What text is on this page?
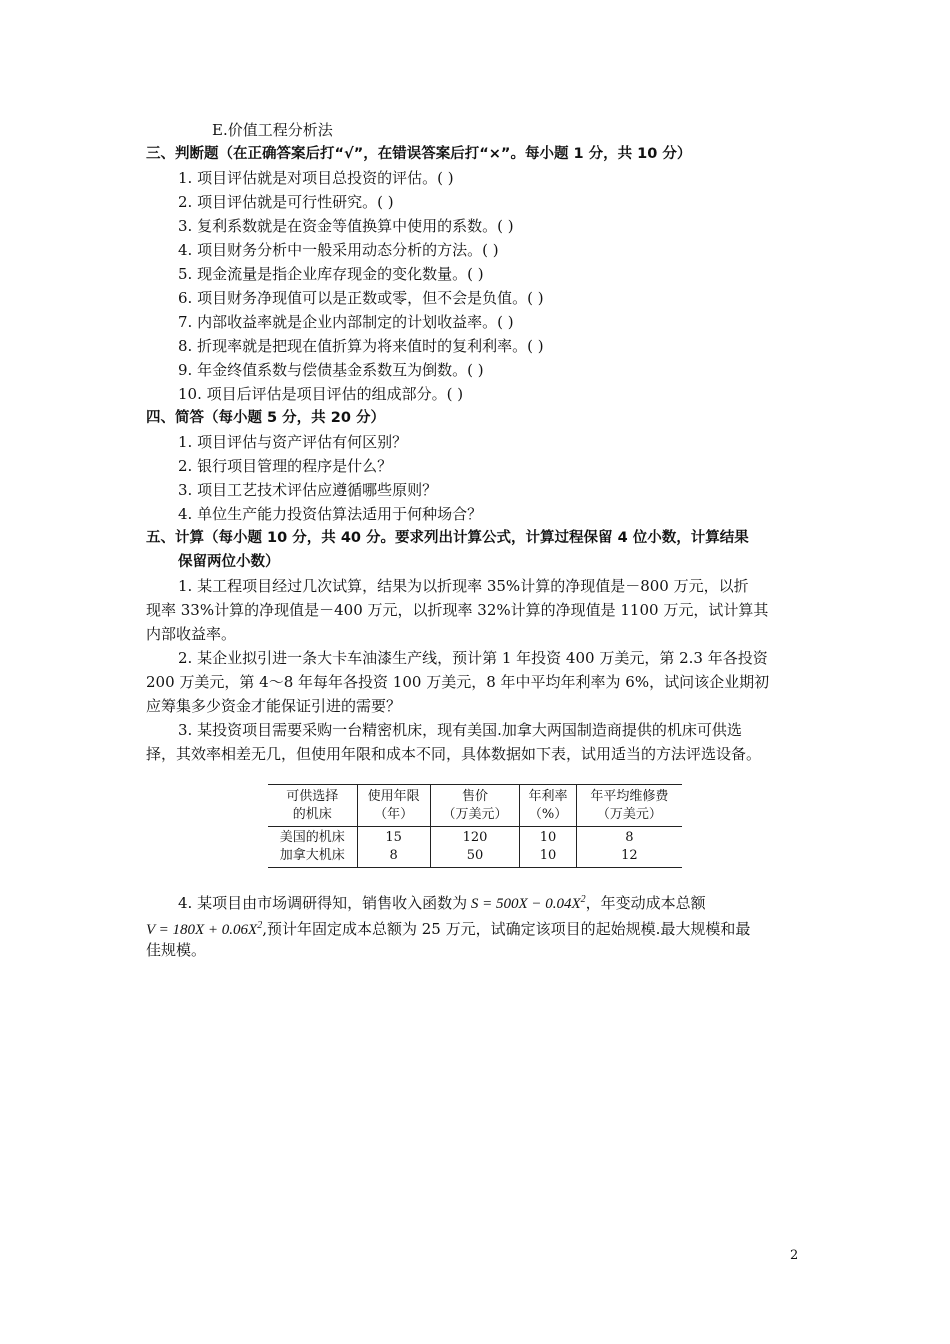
E.价值工程分析法
三、判断题（在正确答案后打“√”，在错误答案后打“×”。每小题 1 分，共 10 分）
1. 项目评估就是对项目总投资的评估。( )
2. 项目评估就是可行性研究。( )
3. 复利系数就是在资金等值换算中使用的系数。( )
4. 项目财务分析中一般采用动态分析的方法。( )
5. 现金流量是指企业库存现金的变化数量。( )
6. 项目财务净现值可以是正数或零，但不会是负值。( )
7. 内部收益率就是企业内部制定的计划收益率。( )
8. 折现率就是把现在值折算为将来值时的复利利率。( )
9. 年金终值系数与偿债基金系数互为倒数。( )
10. 项目后评估是项目评估的组成部分。( )
四、简答（每小题 5 分，共 20 分）
1. 项目评估与资产评估有何区别？
2. 银行项目管理的程序是什么？
3. 项目工艺技术评估应遵循哪些原则？
4. 单位生产能力投资估算法适用于何种场合？
五、计算（每小题 10 分，共 40 分。要求列出计算公式，计算过程保留 4 位小数，计算结果
保留两位小数）
1. 某工程项目经过几次试算，结果为以折现率 35%计算的净现值是－800 万元，以折
现率 33%计算的净现值是－400 万元，以折现率 32%计算的净现值是 1100 万元，试计算其
内部收益率。
2. 某企业拟引进一条大卡车油漆生产线，预计第 1 年投资 400 万美元，第 2.3 年各投资
200 万美元，第 4～8 年每年各投资 100 万美元，8 年中平均年利率为 6%，试问该企业期初
应筹集多少资金才能保证引进的需要？
3. 某投资项目需要采购一台精密机床，现有美国.加拿大两国制造商提供的机床可供选
择，其效率相差无几，但使用年限和成本不同，具体数据如下表，试用适当的方法评选设备。
可供选择	使用年限	售价	年利率	年平均维修费
的机床	（年）	（万美元）	（%）	（万美元）
美国的机床	15	120	10	8
加拿大机床	8	50	10	12
4. 某项目由市场调研得知，销售收入函数为 $S = 500X - 0.04X^2$，年变动成本总额
$V = 180X + 0.06X^2$,预计年固定成本总额为 25 万元，试确定该项目的起始规模.最大规模和最
佳规模。
2
